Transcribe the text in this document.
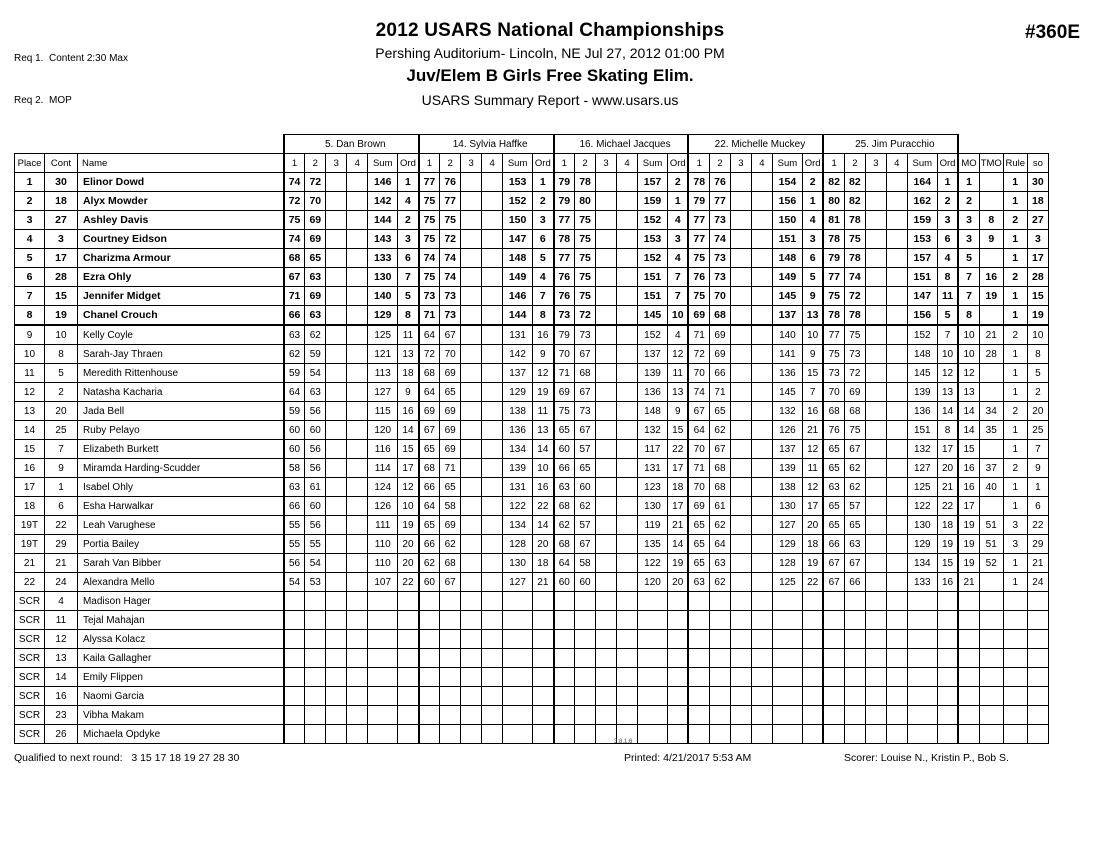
Req 1.  Content 2:30 Max

Req 2.  MOP

2012 USARS National Championships
Pershing Auditorium- Lincoln, NE Jul 27, 2012 01:00 PM
Juv/Elem B Girls Free Skating Elim.
USARS Summary Report - www.usars.us
#360E
			5. Dan Brown						14. Sylvia Haffke						16. Michael Jacques						22. Michelle Muckey						25. Jim Puracchio									
Place	Cont	Name	1	2	3	4	Sum	Ord	1	2	3	4	Sum	Ord	1	2	3	4	Sum	Ord	1	2	3	4	Sum	Ord	1	2	3	4	Sum	Ord	MO	TMO	Rule	so
1	30	Elinor Dowd	74	72			146	1	77	76			153	1	79	78			157	2	78	76			154	2	82	82			164	1	1		1	30
2	18	Alyx Mowder	72	70			142	4	75	77			152	2	79	80			159	1	79	77			156	1	80	82			162	2	2		1	18
3	27	Ashley Davis	75	69			144	2	75	75			150	3	77	75			152	4	77	73			150	4	81	78			159	3	3	8	2	27
4	3	Courtney Eidson	74	69			143	3	75	72			147	6	78	75			153	3	77	74			151	3	78	75			153	6	3	9	1	3
5	17	Charizma Armour	68	65			133	6	74	74			148	5	77	75			152	4	75	73			148	6	79	78			157	4	5		1	17
6	28	Ezra Ohly	67	63			130	7	75	74			149	4	76	75			151	7	76	73			149	5	77	74			151	8	7	16	2	28
7	15	Jennifer Midget	71	69			140	5	73	73			146	7	76	75			151	7	75	70			145	9	75	72			147	11	7	19	1	15
8	19	Chanel Crouch	66	63			129	8	71	73			144	8	73	72			145	10	69	68			137	13	78	78			156	5	8		1	19
9	10	Kelly Coyle	63	62			125	11	64	67			131	16	79	73			152	4	71	69			140	10	77	75			152	7	10	21	2	10
10	8	Sarah-Jay Thraen	62	59			121	13	72	70			142	9	70	67			137	12	72	69			141	9	75	73			148	10	10	28	1	8
11	5	Meredith Rittenhouse	59	54			113	18	68	69			137	12	71	68			139	11	70	66			136	15	73	72			145	12	12		1	5
12	2	Natasha Kacharia	64	63			127	9	64	65			129	19	69	67			136	13	74	71			145	7	70	69			139	13	13		1	2
13	20	Jada Bell	59	56			115	16	69	69			138	11	75	73			148	9	67	65			132	16	68	68			136	14	14	34	2	20
14	25	Ruby Pelayo	60	60			120	14	67	69			136	13	65	67			132	15	64	62			126	21	76	75			151	8	14	35	1	25
15	7	Elizabeth Burkett	60	56			116	15	65	69			134	14	60	57			117	22	70	67			137	12	65	67			132	17	15		1	7
16	9	Miramda Harding-Scudder	58	56			114	17	68	71			139	10	66	65			131	17	71	68			139	11	65	62			127	20	16	37	2	9
17	1	Isabel Ohly	63	61			124	12	66	65			131	16	63	60			123	18	70	68			138	12	63	62			125	21	16	40	1	1
18	6	Esha Harwalkar	66	60			126	10	64	58			122	22	68	62			130	17	69	61			130	17	65	57			122	22	17		1	6
19T	22	Leah Varughese	55	56			111	19	65	69			134	14	62	57			119	21	65	62			127	20	65	65			130	18	19	51	3	22
19T	29	Portia Bailey	55	55			110	20	66	62			128	20	68	67			135	14	65	64			129	18	66	63			129	19	19	51	3	29
21	21	Sarah Van Bibber	56	54			110	20	62	68			130	18	64	58			122	19	65	63			128	19	67	67			134	15	19	52	1	21
22	24	Alexandra Mello	54	53			107	22	60	67			127	21	60	60			120	20	63	62			125	22	67	66			133	16	21		1	24
SCR	4	Madison Hager																																		
SCR	11	Tejal Mahajan																																		
SCR	12	Alyssa Kolacz																																		
SCR	13	Kaila Gallagher																																		
SCR	14	Emily Flippen																																		
SCR	16	Naomi Garcia																																		
SCR	23	Vibha Makam																																		
SCR	26	Michaela Opdyke																																		
3.8.1.6
Qualified to next round:   3 15 17 18 19 27 28 30	Printed: 4/21/2017 5:53 AM	Scorer: Louise N., Kristin P., Bob S.
